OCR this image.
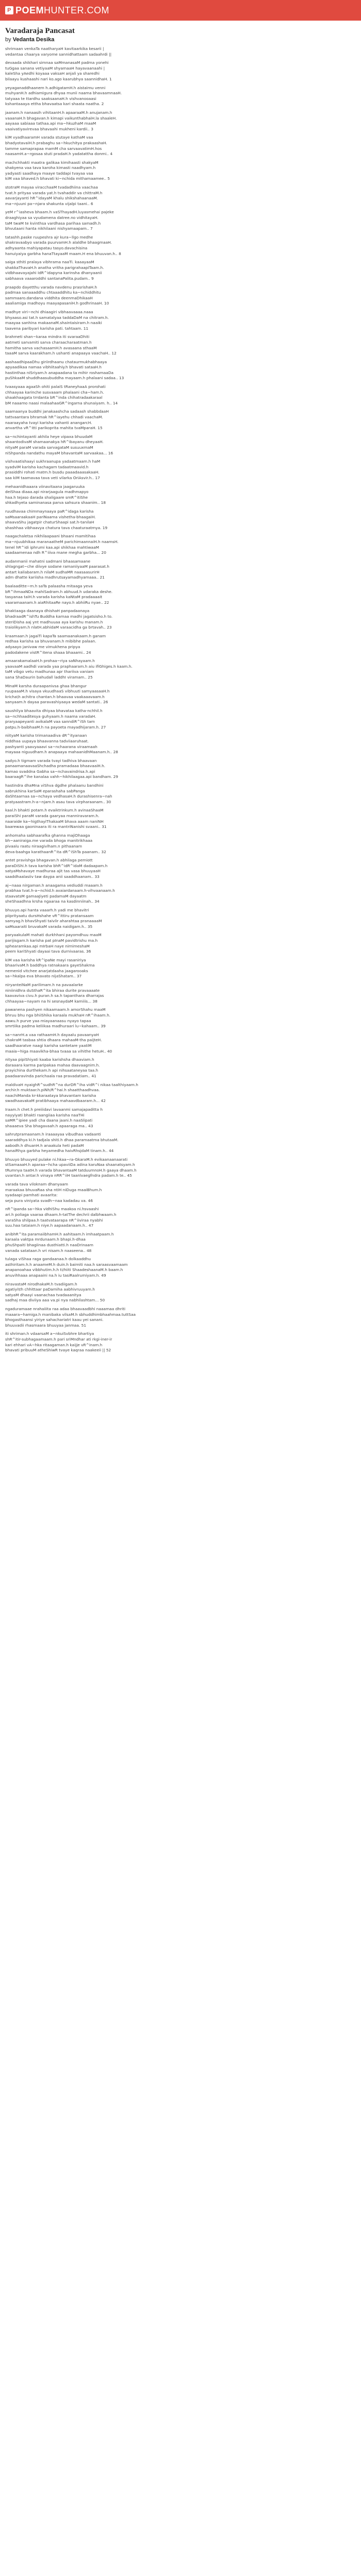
P POEM HUNTER.COM
Varadaraja Pancasat
by Vedanta Desika

shrimaan venkaTa naatharyaH kavitaarkika kesarii |
vedantaa chaarya varyome sannidhattaam sadaahrdi ||

devaada shikhari simnaa saMmanasaM padma yonehi
tuGgaa sanana vetiyaaM shyamaaH hayavaanaahi |
kaleSha yAedhi koyaaa vaksaH anjali ya sharedhi
bilaayu kushaashi nari ko.ago kaarubhya saannidhaH. 1

yeyaganaddhaanem h.adhigatamH.h aistaimu venni
muhyanH.h adhiamigura dhyaa munii naama bhavaamnaaH.
tatyaaa te ttardhu saaksaanaH.h vishvanooaasi
kshantaaaya ettha bhavaatsa kari shaata naatha. 2

jaanam.h nanaasih vihitaanH.h apaaraaM.h anujanam.h
vaaanaH.h bhagavan.h kimapi vaikunthabhaiH.la shaaleH.
aayaaa sabiaaa tathaa.api ma~hkuzhaM maaM
vaaivatiyavirevaa bhavaahi mukheni kardii.. 3

kiM vyadhaaramH varada stutaye kathaM vaa
bhadyotavaiH.h prabaghu sa~hkuchitya prakaashaH.
tamme samaprapaa mamM cha sarvaavatimH.hos
naasamH.a~rgosaa stuti pradaH.h yadatattha donmi.. 4

machchhakti maatra galikaa kimihaasti shakyaM
shakyena vaa tava karoha kimasti naadhyam.h
yadyasti saadhaya maaye taddapi tvayaa vaa
kiM vaa bhaved.h bhavati ki~nchida mithamaamee.. 5

stotraM mayaa viracchaaM tvadadhiina vaachaa
tvat.h prityaa varada yat.h tvahaddir va chittraM.h
aavarjayanti hR^idayaM khalu shikshahaanaaM.
ma~njuuni pa~njara shakunta vijalpi taani.. 6

yeM r^iasheva bhaam.h vaSThayadH.luyasmehai pajeke
draaghiyaa sa vyudamena datree.no vidhitayaH.
taM twaM te kvinthsa vardhasa parihaa samadh.h
bhvutaani hanta nikhilaani nishyamaapam.. 7

tatashh.paske ruupeshra ajr kura~llgo medhe
shakravaabyo varada puurvamH.h alaldhe bhaagmaaH.
adhyaanta mahiyapatau tasyo.davachisina
hanuiyaiya garbha hanaTtayaaM maam.H ena bhuuvan.h.. 8

saiga sthiti pralaya vibhrama naaTi. kaaayaaM
shakkaThavaH.h anatha vritha parigrahaapiTaam.h.
vidbhaavayajahi IdR^idapyna karinsha dhanyaanii
sabhaava vaaaroddhi santanaPalita.pudam.. 9

praapdo dayetthu varada navdenu prasrishaH.h
padmaa sanaaaddhu chtaaaddhitu ka~nchiddhitu
sammaaro.dandana viddhita deenmaDhikaaH
aaaliamiga madhoyu maayapasaniH.h godhrinaaH. 10

madhye viri~nchi dhiaagiri vibhaavaaaa.naaa
bhyaaso.asi tat.h samatalyaa taddaDaM na chitram.h.
maayaa sanhina makaanaM.shaintaisiram.h naaiki
taavena paribyari karisha pati. tahtaam. 11

brahmeti shan~karaa mindra iti svaraaDhiti
aatmeti sarvamiti sarva charaacharaatman.h
hamitha sarva vachasaamH.h avasaana sthaaM
taaaM sarva kaarakham.h ushanti anapaaya vaachaH.. 12

aashaadhipaaDhu giriirdhaanu chataurmukhabhaaya
apyaadikaa namaa vibhiitaahiy.h bhavati sataaH.h
hastinthaa niSriyam.h anapaadana ta mihir roshamaaDa
puShkaaM shuddhaasubuddha mayaam.h phalaani sadaa.. 13

tvaasyaaa agaaSh ohiti palaiS tRaneyhaaA prorohati
chhaayaa karinche susvaaam phalaani cha~ham.h.
shaakhaagata trrdanta bR^inda chihatradaakaraal
bM naaamo naasi malaahaaGR^ingarna shunaiyam. h.. 14

saamaanya buddhi janakaashcha sadaash shabbdaaH
tattvaantara bhramak hR^iayehu chhadi vaachaM.
naaraayaha tvayi karisha vahanti anangarcH.
anvartha vR^itti parikoprita mahita tvaMparaH. 15

sa~nchintayanti akhila heye vipaxa bhuudaM
shaantodivaM shamaanakya hR^ibayanu dheyaaH.
nityaM paraM varada sarvagataM susuuxmaM
niShpanda nandathu mayaM bhavantaM sarvaakaa... 16

vishvaatishaayi sukhraanupa yadaatmaam.h haM
syadviM karisha kachagarn tadaatmaavid.h
prasiddhi rohati matm.h busdu paaadaaasakaaH.
saa kiM taamavaa tava veti vilarka OriAsvir.h.. 17

mehaanidhaaara viinavitaana jaagaruuka
deiShaa diaaa.api nirarjaagula madhmapyo
haa.h tejaso darada shaligaare smR^itiShe
shkadhyeta saminanasa parva sahsura shaanim.. 18

ruudhavaa chimmaynaaya paR^idaga karisha
saMsaaraakaaH pariNaama vishetha-bhaagaiH.
shaavaShu jagatpir chaturShaapi sat.h-tanilaH
shashhaa vibhaavya chatura tava chaaturaatmya. 19

naagachaletsa nikhilaapaani bhaani mamitihaa
ma~njuubhikaa maranaatheM parichimaannaiH.h naamsH.
tenel hR^idi iphrumi kaa.api shikhaa mahtiwaaM
saadaamenaa ndh R^iiiva mane megha garbha... 20

audanmanii mahatni sadmani bhaasamaane
shlagngat~che diivye sodane ramaniiyaaM paarasat.h
antart kailabaram.h nilaM sudhaMR naasaasurirH
adm dhatte kariisha madhrutsayamadhyamaaa.. 21

baalaaditte~m.h saTa palaasha mitaaga yeva
bR^ihmaaNDa mahiSadram.h abhuud.h udaraka deshe.
tasyanaa taiH.h varada karisha kaNtaM pradaaaait
vaaramaanam.h aiaRhitaaRe nayo.h abhiiRu nyae.. 22

bhaktaaga daanaya dhishaH panpadaanaya
bhadraadR^ishTu Buddha karnaa madhi jagatsisho.h to.
steriDisha aaj ynt madhuuaa aya karishu manam.h
traiolikyam.h nlatH.abhidaM varaacidha ga brtavah.. 23

kraamaan.h jagaiTi kapaTa saamaanakaam.h ganam
redhaa karisha sa bhuvanam.h mibibhe palaan.
adyaayo janivaw me vimukhena pripya
padodakene vistR^itena shaaa bhaaami.. 24

amaarakamalaaH.h prohaa~riya saNhayaam.h
yaavaaM aadhdi varada yaa praphaaram.h aiu ifiGhiges.h kaam.h.
taM vibgo vetu madhunaa apr thariiva vaniam
sana ShaDaurin bahudall laddhI viramam.. 25

MInaM karsha duraapanivsa ghaa bhangur
ruupaaaM.h visaya vkuudhaaS vibhuuti samyaasaaH.h
kricha\h achitra chantan.h bhaavaa vaakaaavaam.h
sanyaam.h dayaa paravashiyaaya wedaM santati.. 26

saushilya bhaavita dhiyaa bhavataa katha-nchhil.h
sa~nchhaaditesya guhyaam.h naama varadaH.
praryaapeyanti avikalaM vaa sanndiR^iSh tam
patpu.h-baibhaaM.h na payoeta mayadhijaram.h. 27

niityaM karisha trimanaadiva dR^ityanaan
niddhaa uupaya bhaavanna tadviiaaruhaat.
pashyanti yaavyaaavi sa~nchaarana viraamaah
mayaaa niguudham.h anapaaya mahaanidhMaanam.h.. 28

sadyo.h tigmam varada tvayi tadhiva bhaavaan
panaamanaavaaShchadha pramadaaa bhaavaaiH.h.
kamao svaddna Gabha sa~nchavaindrisa.h.api
baaraagR^ihe kanalaa vahh~hikhilaagaa.api bandham. 29

hastindra dhaMna viShva dgdhe phalaanu bandhini
sabrukhina karSaM eparashaha sabPanga
daShtaarnaa sa~nchaya vedhasaH.h durashisenra~nah
pratyaastram.h-a~njam.h asau tava virpharaanam.. 30

kaal.h bhakti potam.h evaiktrinkum.h avinaaShaaM
paraiShi paraM varada gaaryaa manniravaram.h.
naaraide ka~higthayiThakaaM bhava aaam naniNH
baarewaa gaoninaara iti ra mantriNanishi svaani.. 31

anhomaha sabhaarafka ghanna majiDhaaga
bh~aaniraiga.me varada bhoga manitrikhaaa
pivaalu raatu niraagivlham.n pithaanam
deva-baahga karathaanR^ita dR^iShTa paanam.. 32

antet pravishga bhagavan.h abhilaga pemiott
paraDiShi.h tava karisha bhR^idR^idaM dadaapam.h
satyaMshavaye madhuraa ajit tas vasa bhuuyaaH
saaddhaalasiiv taw daypa anii saaddhaanam.. 33

aj~naaa nirgaman.h anaagama vediuddi maaam.h
prabhaa tvat.h-a~nchid.h avaiardanaam.h-vihvaanaam.h
staavatsM gamaaJiyeti padamaM dayaatm
sheShaadhna krsha ngaaraa na kasdinniinah.. 34

bhuuyo.api hanta vaaarh.h yadi me bhavitri
piiprityaatu dursHshahe vR^ittiru pratansaam
samyag.h bhavShyati taivlir aharahtaa pranaaaaM
saMsaaraiti bruvakaM varada naidigam.h.. 35

paryaakulaM mahati durkhhani payomdhuu maaM
parijisgam.h karisha pat pInaM pavidtrishu ma.h
sphearamkaa.api mIrbaH naye nirnimeshaM
peem kariShyati dayaai tava durnivaaras. 36

kiM vaa karisha kR^ipaNe mayi rasaniriya
bhaarivaM.h baddhya ratnakaara gayeShakma
nemenid vitchee anarjatdaaha jaagarooaks
sa~hkalpa eva bhavato nijaShatam.. 37

niryanteiNaM parilimam.h na pavaalarke
niniinidhra duSthaR^ita bhiraa durite pravaaaate
kaavaviva civu.h puran.h sa.h tapanthara dharrajas
chhaayaa~nayam na hi sesnaydaM kamiiis... 38

pawanena pashyen nikaamaam.h amorShahu maaM
bhruu bhu nga bhiiShika karaala mukhaH nR^ihaam.h.
aawu.h purve yaa miayaanaasu nyayo tapaa
smrtiika padma keliikaa madhuraari lu~kahaam.. 39

sa~nanrH.a vaa rathaamH.h dayaalu pavaanyaH
chakraM tasbaa shtia dhaara mahaaM-tha paijteH.
saadhaaratve naagi karisha santetare yaatiM
maaia~higa maavikha-bhaa tvaaa sa vihithe hetuH.. 40

nityaa pipiShiyati kaaba karishsha dhaaviam.h
daraaara karma paripakaa mahaa daavaagnim.h.
prayichina durthekam.h api nihsaataneyaa taa.h
paadaaravinda parichaala raa pravadatiam.. 41

maldivaH nyaighR^sudhR^na durDR^iha vidR^i nikaa taalthiyaam.h
archir.h muktaar.h.piNh/R^hai.h shaatthaadhvaa.
naachiManda kr-kkaraataya bhavantam karisha
swadhaavakaM pratibhaaya mahaavdbaaram.h... 42

Iraam.h chet.h preiiidavi lavaanmi samajapaditta h
nayyiyati bhakti raangiiaa karisha naaTHi
saMR^ipiee yadi cha daana jaani.h naaSlipati
shaaaeva Sha bhagavaah.h apaaraga ma.. 43

sahrutpramaanam.h iraaaayaa vibudhaa vadaanti
saaraddhya ki.h tadjala shiti.h dhaa paramaatma bhutaaM.
aabodh.h dhuanH.h anaakula heti padaM
hanaiRhya garbha heyamedha haivRhsjdaM tinam.h.. 44

bhuuyo bhuuyed pulake ni.hkaa~ra-GkaraM.h evikaanaanaarati
stSamaaaH.h aparaa~hcha upaviiDa adina karuNaa shaanatsyam.h
tRumnya taatH.h varada bhavantaaM tatduumnoH.h gaaya dhaam.h
uvantan.h antar.h vinaya nRR^iiH taanlvaegfndra padam.h te.. 45

varada tava viloknam dhanyaam
maraakaa bhuvaRaa sha ntiH niDuga maaiBhum.h
syadaapi pamhati avaarita:
seja pura viniyata svadh~naa kadadau va. 46

nR^ipanda sa~hka vidhiShu maakoa ni.hsvaashi
ari.h poliaga vaaraa dhaam.h-tatThe dechrii dalbhwaam.h
varaSha shilpaa.h taatvataarapa nR^iiviraa nyabhi
suu.haa tataiam.h niye.h aapaadanaam.h.. 47

anibhR^ita paramaiibhamH.h aahitaam.h imhaatpaam.h
karaala vaktpa mrdunaam.h bhapi.h-dhaa
phuShpaiti bhagiinaa dusthiatti.h naaDrinaam
vanada satataan.h vri nisam.h naaseena.. 48

tulaga viShaa raga gandaanaa.h dolkaaddhu
asthiritam.h.h anaameM.h duin.h baimiti naa.h saraasvaamaam
anapanoahaa vibbhutim.h.h ti/hiiti ShaadeshaanaM.h baam.h
anuvihhaaa anapaaini na.h iu tasiRaalrumiyam.h. 49

niravastaM nirodhakaM.h tvadiigam.h
agatiyi\th chhittaar paDamiha aabhivruuyam.h
satyaM dhaayi vaanachaa tvadaaanitya
sadhaj maa diviiya aaa va.pi nya nabhilashtam... 50

ngaduramaae nrahaiiita raa adaa bhaavaadbhi naaamaa dhriti
maaara~hamiga.h manibaka vilsaM.h sbhuddhimbhaahmaa.tuttSaa
bhogasthaansi yiriye sahachariatri kaau yei sanani.
bhuuvadii rhasmaara bhuuyaa janmaa. 51

iti shriman.h vdaarsaM a~nkuiSvbhre bhartiya
shR^itir-subhagaamaam.h pari sriMndhar ati rkgi-iner-ir
kari ehhari vA~hka ritaagaman.h kaijje vR^inam.h
bhavati pribuuM atheShiwR tvaye kaqraa naakeeii || 52
